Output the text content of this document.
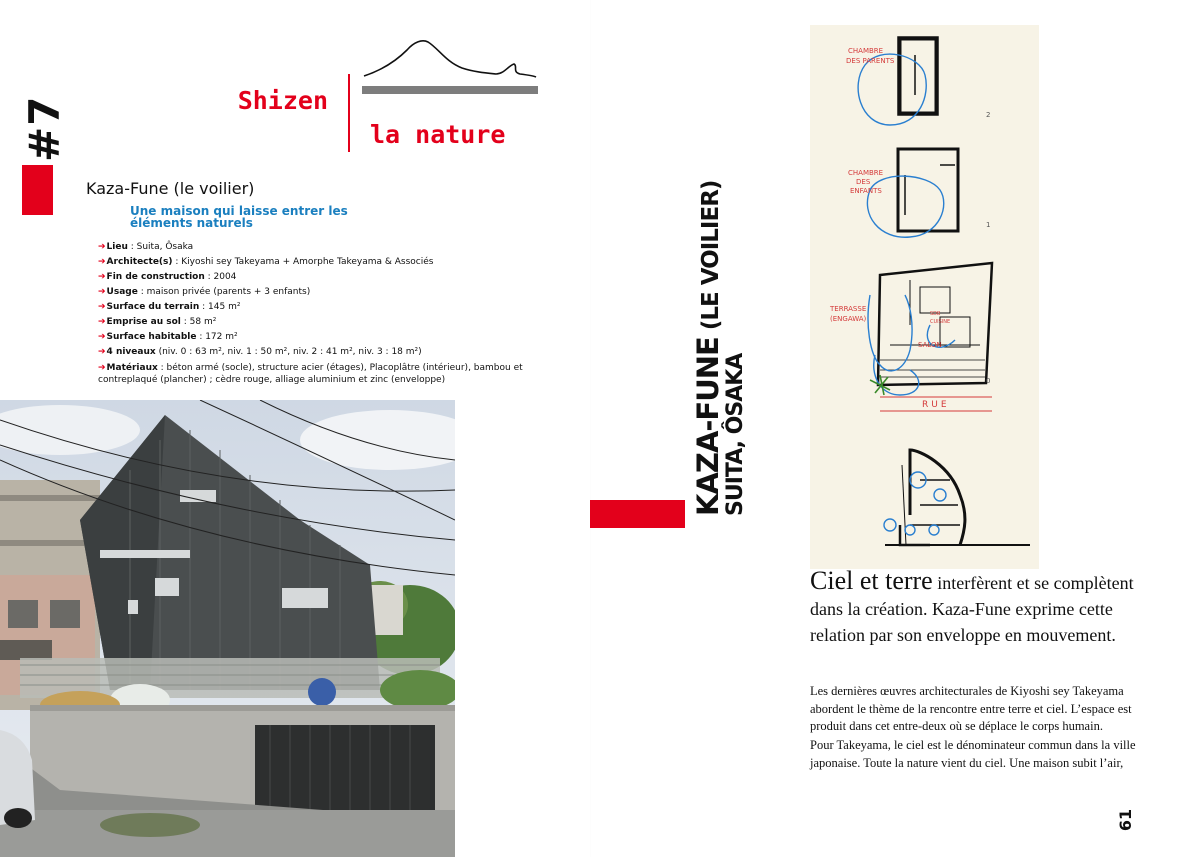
#7	Shizen
la nature
Kaza-Fune (le voilier)
Une maison qui laisse entrer les éléments naturels
➔Lieu : Suita, Ôsaka
➔Architecte(s) : Kiyoshi sey Takeyama + Amorphe Takeyama & Associés
➔Fin de construction : 2004
➔Usage : maison privée (parents + 3 enfants)
➔Surface du terrain : 145 m²
➔Emprise au sol : 58 m²
➔Surface habitable : 172 m²
➔4 niveaux (niv. 0 : 63 m², niv. 1 : 50 m², niv. 2 : 41 m², niv. 3 : 18 m²)
➔Matériaux : béton armé (socle), structure acier (étages), Placoplâtre (intérieur), bambou et contreplaqué (plancher) ; cèdre rouge, alliage aluminium et zinc (enveloppe)	KAZA-FUNE (LE VOILIER)
SUITA, ÔSAKA
CHAMBRE
DES PARENTS
CHAMBRE
DES
ENFANTS
TERRASSE
(ENGAWA)
SALON
SDB
CUISINE
RUE
2
1
0
Ciel et terre interfèrent et se complètent dans la création. Kaza-Fune exprime cette relation par son enveloppe en mouvement.

Les dernières œuvres architecturales de Kiyoshi sey Takeyama abordent le thème de la rencontre entre terre et ciel. L’espace est produit dans cet entre-deux où se déplace le corps humain.

Pour Takeyama, le ciel est le dénominateur commun dans la ville japonaise. Toute la nature vient du ciel. Une maison subit l’air,

61
